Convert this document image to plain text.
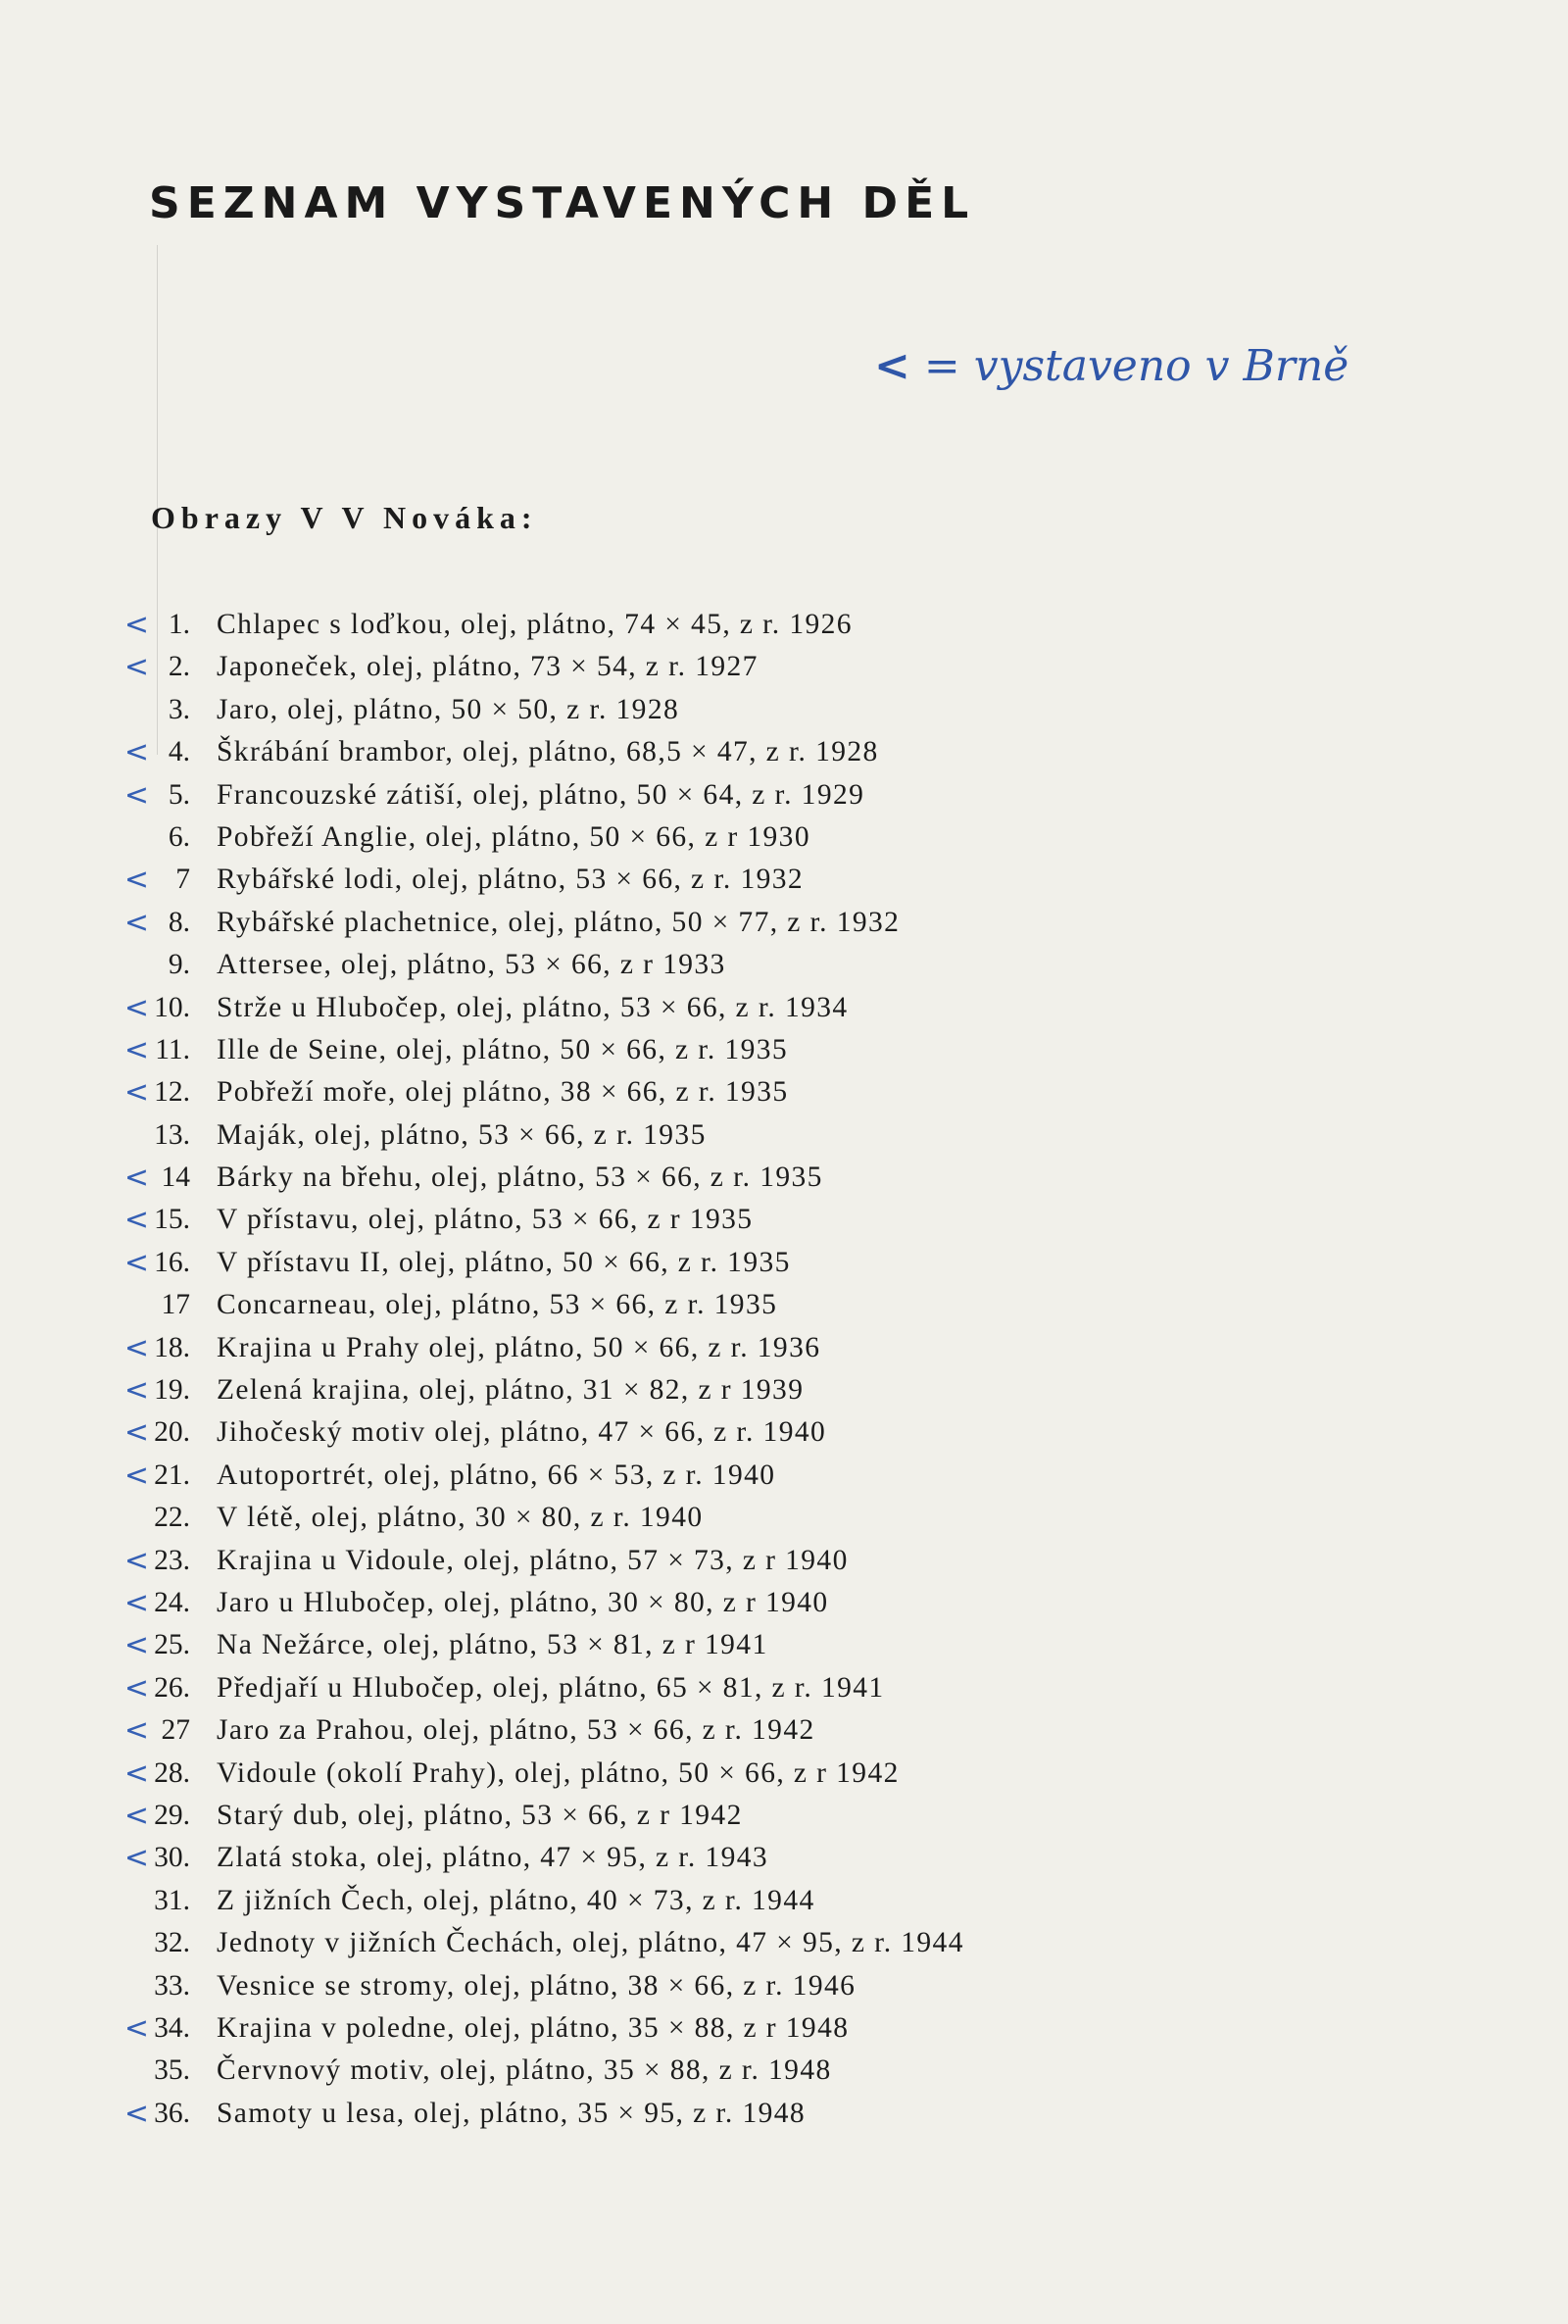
SEZNAM VYSTAVENÝCH DĚL
< = vystaveno v Brně
Obrazy V V Nováka:
< 1. Chlapec s loďkou, olej, plátno, 74 × 45, z r. 1926
< 2. Japoneček, olej, plátno, 73 × 54, z r. 1927
3. Jaro, olej, plátno, 50 × 50, z r. 1928
< 4. Škrábání brambor, olej, plátno, 68,5 × 47, z r. 1928
< 5. Francouzské zátiší, olej, plátno, 50 × 64, z r. 1929
6. Pobřeží Anglie, olej, plátno, 50 × 66, z r 1930
< 7 Rybářské lodi, olej, plátno, 53 × 66, z r. 1932
< 8. Rybářské plachetnice, olej, plátno, 50 × 77, z r. 1932
9. Attersee, olej, plátno, 53 × 66, z r 1933
< 10. Strže u Hlubočep, olej, plátno, 53 × 66, z r. 1934
< 11. Ille de Seine, olej, plátno, 50 × 66, z r. 1935
< 12. Pobřeží moře, olej plátno, 38 × 66, z r. 1935
13. Maják, olej, plátno, 53 × 66, z r. 1935
< 14 Bárky na břehu, olej, plátno, 53 × 66, z r. 1935
< 15. V přístavu, olej, plátno, 53 × 66, z r 1935
< 16. V přístavu II, olej, plátno, 50 × 66, z r. 1935
17 Concarneau, olej, plátno, 53 × 66, z r. 1935
< 18. Krajina u Prahy olej, plátno, 50 × 66, z r. 1936
< 19. Zelená krajina, olej, plátno, 31 × 82, z r 1939
< 20. Jihočeský motiv olej, plátno, 47 × 66, z r. 1940
< 21. Autoportrét, olej, plátno, 66 × 53, z r. 1940
22. V létě, olej, plátno, 30 × 80, z r. 1940
< 23. Krajina u Vidoule, olej, plátno, 57 × 73, z r 1940
< 24. Jaro u Hlubočep, olej, plátno, 30 × 80, z r 1940
< 25. Na Nežárce, olej, plátno, 53 × 81, z r 1941
< 26. Předjaří u Hlubočep, olej, plátno, 65 × 81, z r. 1941
< 27 Jaro za Prahou, olej, plátno, 53 × 66, z r. 1942
< 28. Vidoule (okolí Prahy), olej, plátno, 50 × 66, z r 1942
< 29. Starý dub, olej, plátno, 53 × 66, z r 1942
< 30. Zlatá stoka, olej, plátno, 47 × 95, z r. 1943
31. Z jižních Čech, olej, plátno, 40 × 73, z r. 1944
32. Jednoty v jižních Čechách, olej, plátno, 47 × 95, z r. 1944
33. Vesnice se stromy, olej, plátno, 38 × 66, z r. 1946
< 34. Krajina v poledne, olej, plátno, 35 × 88, z r 1948
35. Červnový motiv, olej, plátno, 35 × 88, z r. 1948
< 36. Samoty u lesa, olej, plátno, 35 × 95, z r. 1948
